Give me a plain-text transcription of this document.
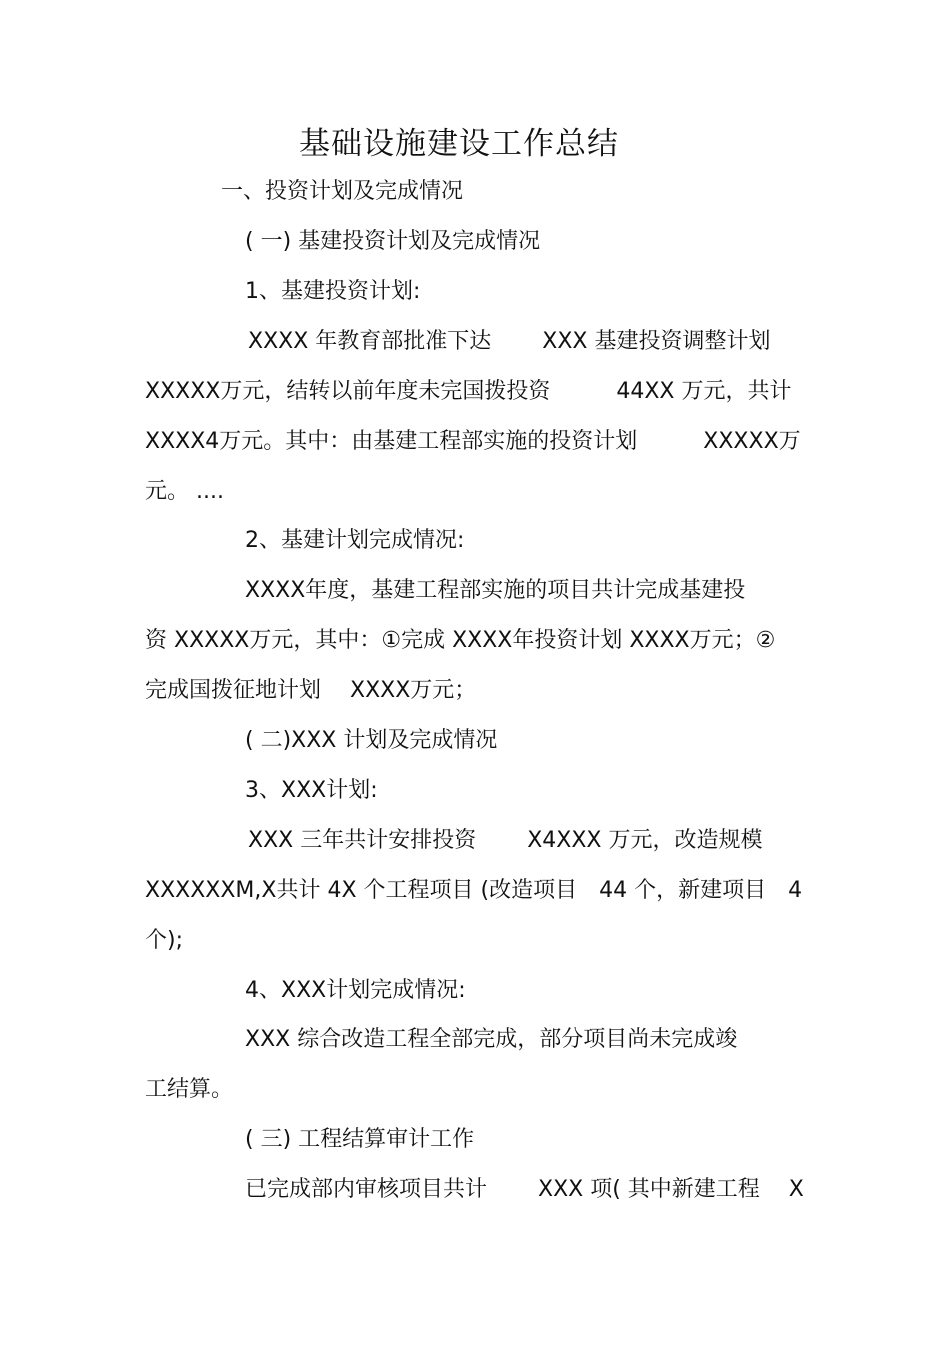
基础设施建设工作总结
一、投资计划及完成情况
( 一) 基建投资计划及完成情况
1、基建投资计划:
XXXX 年教育部批准下达　　 XXX 基建投资调整计划
XXXXX万元，结转以前年度未完国拨投资　　　44XX 万元，共计
XXXX4万元。其中：由基建工程部实施的投资计划　　　XXXXX万
元。 ....
2、基建计划完成情况:
XXXX年度，基建工程部实施的项目共计完成基建投
资 XXXXX万元，其中：①完成 XXXX年投资计划 XXXX万元；②
完成国拨征地计划　 XXXX万元；
( 二)XXX 计划及完成情况
3、XXX计划:
XXX 三年共计安排投资　　 X4XXX 万元，改造规模
XXXXXXM,X共计 4X 个工程项目 (改造项目　44 个，新建项目　4
个);
4、XXX计划完成情况:
XXX 综合改造工程全部完成，部分项目尚未完成竣
工结算。
( 三) 工程结算审计工作
已完成部内审核项目共计　　 XXX 项( 其中新建工程　 X
